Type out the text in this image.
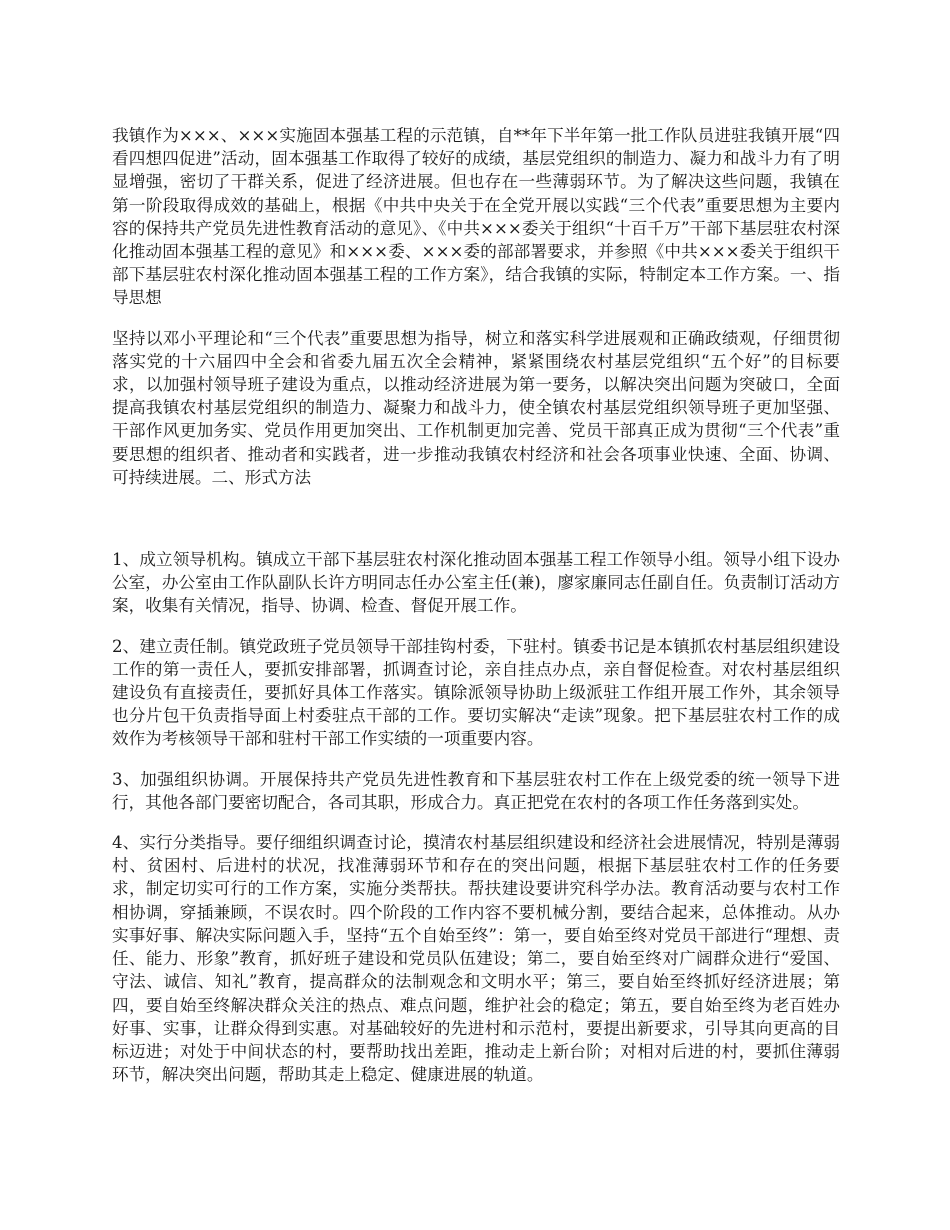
我镇作为×××、×××实施固本强基工程的示范镇，自**年下半年第一批工作队员进驻我镇开展“四看四想四促进”活动，固本强基工作取得了较好的成绩，基层党组织的制造力、凝力和战斗力有了明显增强，密切了干群关系，促进了经济进展。但也存在一些薄弱环节。为了解决这些问题，我镇在第一阶段取得成效的基础上，根据《中共中央关于在全党开展以实践“三个代表”重要思想为主要内容的保持共产党员先进性教育活动的意见》、《中共×××委关于组织“十百千万”干部下基层驻农村深化推动固本强基工程的意见》和×××委、×××委的部部署要求，并参照《中共×××委关于组织干部下基层驻农村深化推动固本强基工程的工作方案》，结合我镇的实际，特制定本工作方案。一、指导思想

坚持以邓小平理论和“三个代表”重要思想为指导，树立和落实科学进展观和正确政绩观，仔细贯彻落实党的十六届四中全会和省委九届五次全会精神，紧紧围绕农村基层党组织“五个好”的目标要求，以加强村领导班子建设为重点，以推动经济进展为第一要务，以解决突出问题为突破口，全面提高我镇农村基层党组织的制造力、凝聚力和战斗力，使全镇农村基层党组织领导班子更加坚强、干部作风更加务实、党员作用更加突出、工作机制更加完善、党员干部真正成为贯彻“三个代表”重要思想的组织者、推动者和实践者，进一步推动我镇农村经济和社会各项事业快速、全面、协调、可持续进展。二、形式方法

1、成立领导机构。镇成立干部下基层驻农村深化推动固本强基工程工作领导小组。领导小组下设办公室，办公室由工作队副队长许方明同志任办公室主任(兼)，廖家廉同志任副自任。负责制订活动方案，收集有关情况，指导、协调、检查、督促开展工作。

2、建立责任制。镇党政班子党员领导干部挂钩村委，下驻村。镇委书记是本镇抓农村基层组织建设工作的第一责任人，要抓安排部署，抓调查讨论，亲自挂点办点，亲自督促检查。对农村基层组织建设负有直接责任，要抓好具体工作落实。镇除派领导协助上级派驻工作组开展工作外，其余领导也分片包干负责指导面上村委驻点干部的工作。要切实解决“走读”现象。把下基层驻农村工作的成效作为考核领导干部和驻村干部工作实绩的一项重要内容。

3、加强组织协调。开展保持共产党员先进性教育和下基层驻农村工作在上级党委的统一领导下进行，其他各部门要密切配合，各司其职，形成合力。真正把党在农村的各项工作任务落到实处。

4、实行分类指导。要仔细组织调查讨论，摸清农村基层组织建设和经济社会进展情况，特别是薄弱村、贫困村、后进村的状况，找准薄弱环节和存在的突出问题，根据下基层驻农村工作的任务要求，制定切实可行的工作方案，实施分类帮扶。帮扶建设要讲究科学办法。教育活动要与农村工作相协调，穿插兼顾，不误农时。四个阶段的工作内容不要机械分割，要结合起来，总体推动。从办实事好事、解决实际问题入手，坚持“五个自始至终”：第一，要自始至终对党员干部进行“理想、责任、能力、形象”教育，抓好班子建设和党员队伍建设；第二，要自始至终对广阔群众进行“爱国、守法、诚信、知礼”教育，提高群众的法制观念和文明水平；第三，要自始至终抓好经济进展；第四，要自始至终解决群众关注的热点、难点问题，维护社会的稳定；第五，要自始至终为老百姓办好事、实事，让群众得到实惠。对基础较好的先进村和示范村，要提出新要求，引导其向更高的目标迈进；对处于中间状态的村，要帮助找出差距，推动走上新台阶；对相对后进的村，要抓住薄弱环节，解决突出问题，帮助其走上稳定、健康进展的轨道。
